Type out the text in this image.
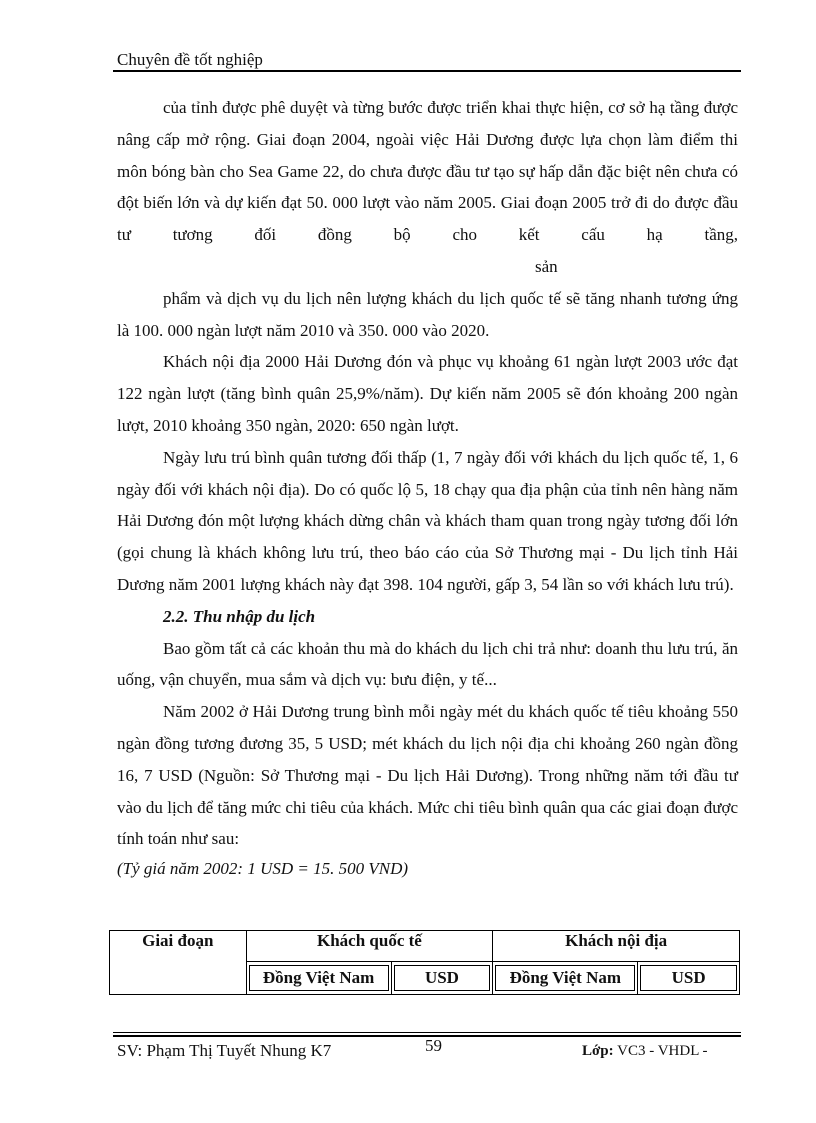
Chuyên đề tốt nghiệp

của tỉnh được phê duyệt và từng bước được triển khai thực hiện, cơ sở hạ tầng được nâng cấp mở rộng. Giai đoạn 2004, ngoài việc Hải Dương được lựa chọn làm điểm thi môn bóng bàn cho Sea Game 22, do chưa được đầu tư tạo sự hấp dẫn đặc biệt nên chưa có đột biến lớn và dự kiến đạt 50. 000 lượt vào năm 2005. Giai đoạn 2005 trở đi do được đầu tư tương đối đồng bộ cho kết cấu hạ tầng,sản

phẩm và dịch vụ du lịch nên lượng khách du lịch quốc tế sẽ tăng nhanh tương ứng là 100. 000 ngàn lượt năm 2010 và 350. 000 vào 2020.

Khách nội địa 2000 Hải Dương đón và phục vụ khoảng 61 ngàn lượt 2003 ước đạt 122 ngàn lượt (tăng bình quân 25,9%/năm). Dự kiến năm 2005 sẽ đón khoảng 200 ngàn lượt, 2010 khoảng 350 ngàn, 2020: 650 ngàn lượt.

Ngày lưu trú bình quân tương đối thấp (1, 7 ngày đối với khách du lịch quốc tế, 1, 6 ngày đối với khách nội địa). Do có quốc lộ 5, 18 chạy qua địa phận của tỉnh nên hàng năm Hải Dương đón một lượng khách dừng chân và khách tham quan trong ngày tương đối lớn (gọi chung là khách không lưu trú, theo báo cáo của Sở Thương mại - Du lịch tỉnh Hải Dương năm 2001 lượng khách này đạt 398. 104 người, gấp 3, 54 lần so với khách lưu trú).

2.2. Thu nhập du lịch

Bao gồm tất cả các khoản thu mà do khách du lịch chi trả như: doanh thu lưu trú, ăn uống, vận chuyển, mua sắm và dịch vụ: bưu điện, y tế...

Năm 2002 ở Hải Dương trung bình mỗi ngày mét du khách quốc tế tiêu khoảng 550 ngàn đồng tương đương 35, 5 USD; mét khách du lịch nội địa chi khoảng 260 ngàn đồng 16, 7 USD (Nguồn: Sở Thương mại - Du lịch Hải Dương). Trong những năm tới đầu tư vào du lịch để tăng mức chi tiêu của khách. Mức chi tiêu bình quân qua các giai đoạn được tính toán như sau:

(Tỷ giá năm 2002: 1 USD = 15. 500 VND)

Giai đoạn	Khách quốc tế		Khách nội địa	

	Đồng Việt Nam	USD	Đồng Việt Nam	USD
SV: Phạm Thị Tuyết Nhung K7	59	Lớp: VC3 - VHDL -
